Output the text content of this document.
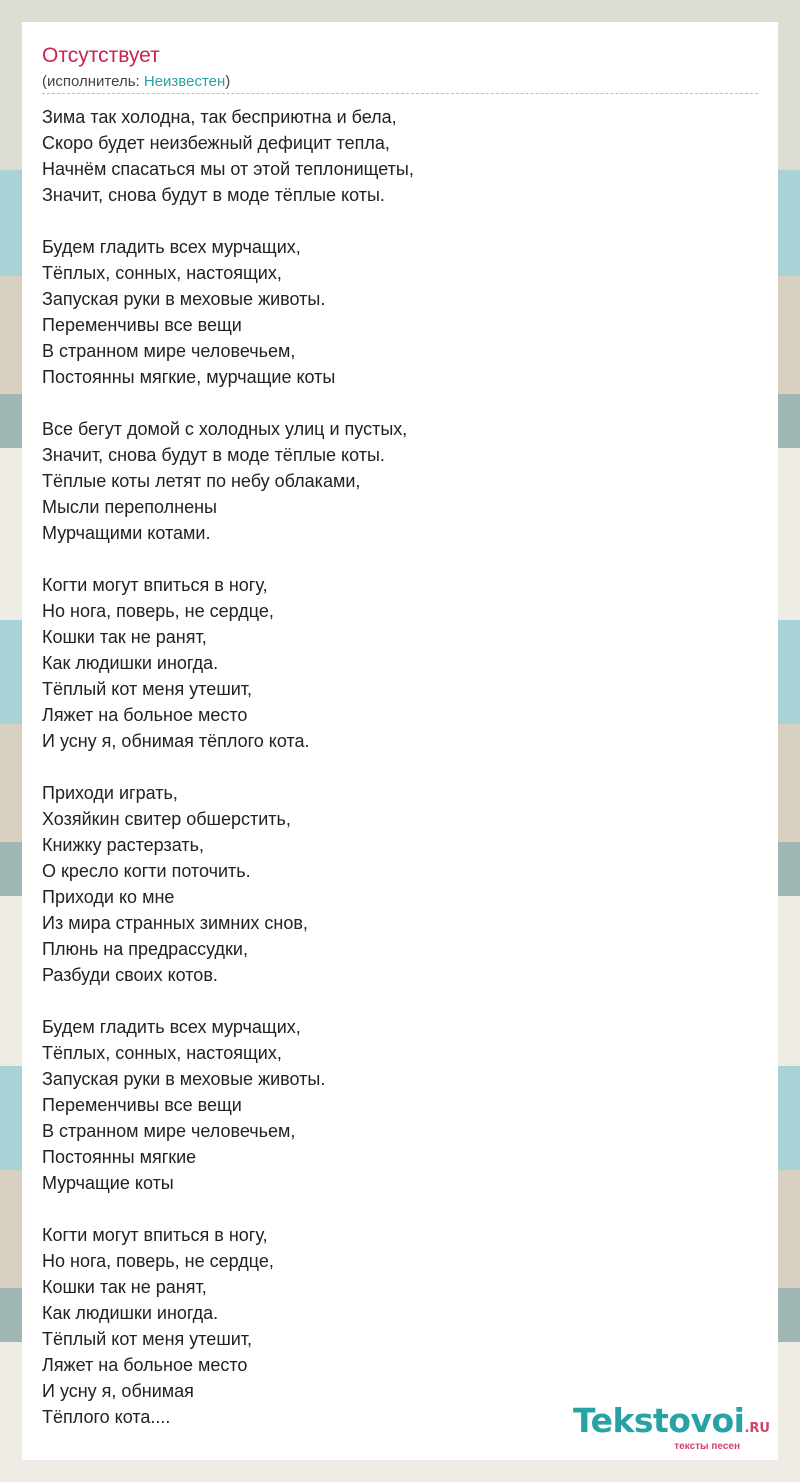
Отсутствует
(исполнитель: Неизвестен)
Зима так холодна, так бесприютна и бела,
Скоро будет неизбежный дефицит тепла,
Начнём спасаться мы от этой теплонищеты,
Значит, снова будут в моде тёплые коты.
Будем гладить всех мурчащих,
Тёплых, сонных, настоящих,
Запуская руки в меховые животы.
Переменчивы все вещи
В странном мире человечьем,
Постоянны мягкие, мурчащие коты
Все бегут домой с холодных улиц и пустых,
Значит, снова будут в моде тёплые коты.
Тёплые коты летят по небу облаками,
Мысли переполнены
Мурчащими котами.
Когти могут впиться в ногу,
Но нога, поверь, не сердце,
Кошки так не ранят,
Как людишки иногда.
Тёплый кот меня утешит,
Ляжет на больное место
И усну я, обнимая тёплого кота.
Приходи играть,
Хозяйкин свитер обшерстить,
Книжку растерзать,
О кресло когти поточить.
Приходи ко мне
Из мира странных зимних снов,
Плюнь на предрассудки,
Разбуди своих котов.
Будем гладить всех мурчащих,
Тёплых, сонных, настоящих,
Запуская руки в меховые животы.
Переменчивы все вещи
В странном мире человечьем,
Постоянны мягкие
Мурчащие коты
Когти могут впиться в ногу,
Но нога, поверь, не сердце,
Кошки так не ранят,
Как людишки иногда.
Тёплый кот меня утешит,
Ляжет на больное место
И усну я, обнимая
Тёплого кота....	Tekstovoi.RU
тексты песен
